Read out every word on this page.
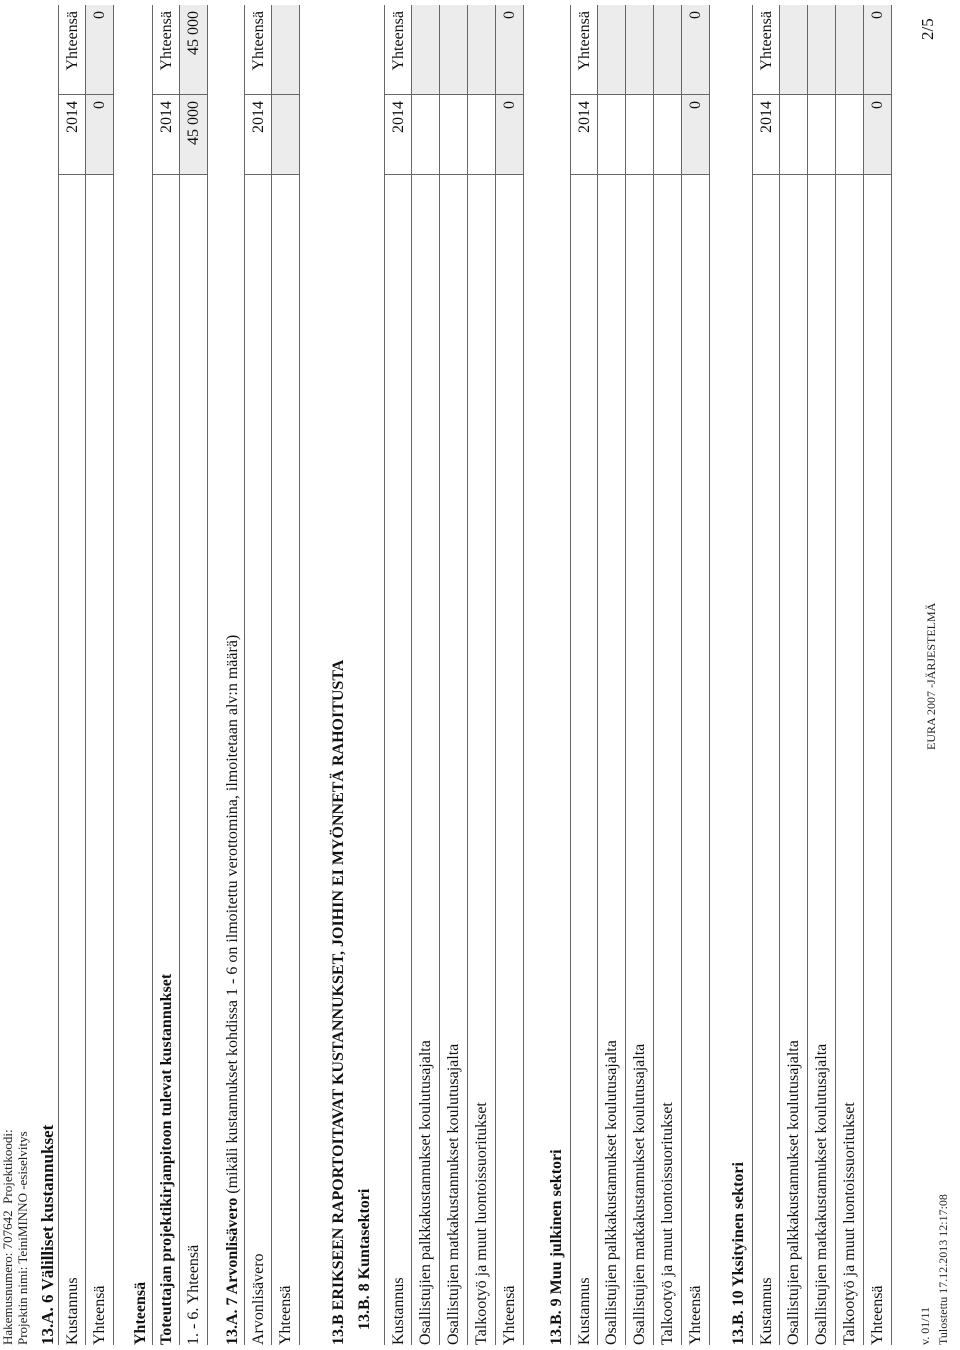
Hakemusnumero: 707642  Projektikoodi: Projektin nimi: TeiniMINNO -esiselvitys 13.A. 6 Välilliset kustannukset Kustannus
2014
Yhteensä
Yhteensä
0
0
Yhteensä Toteuttajan projektikirjanpitoon tulevat kustannukset
2014
Yhteensä
1. - 6. Yhteensä
45 000
45 000
13.A. 7 Arvonlisävero (mikäli kustannukset kohdissa 1 - 6 on ilmoitettu verottomina, ilmoitetaan alv:n määrä)
Arvonlisävero
2014
Yhteensä
Yhteensä	13.B ERIKSEEN RAPORTOITAVAT KUSTANNUKSET, JOIHIN EI MYÖNNETÄ RAHOITUSTA 13.B. 8 Kuntasektori	Kustannus
2014
Yhteensä
Osallistujien palkkakustannukset koulutusajalta Osallistujien matkakustannukset koulutusajalta Talkootyö ja muut luontoissuoritukset Yhteensä
0
0
13.B. 9 Muu julkinen sektori Kustannus
2014
Yhteensä
Osallistujien palkkakustannukset koulutusajalta Osallistujien matkakustannukset koulutusajalta Talkootyö ja muut luontoissuoritukset Yhteensä
0
0
13.B. 10 Yksityinen sektori Kustannus
2014
Yhteensä
Osallistujien palkkakustannukset koulutusajalta Osallistujien matkakustannukset koulutusajalta Talkootyö ja muut luontoissuoritukset Yhteensä
0
0
v. 01/11 Tulostettu 17.12.2013 12:17:08
EURA 2007 -JÄRJESTELMÄ
2/5
